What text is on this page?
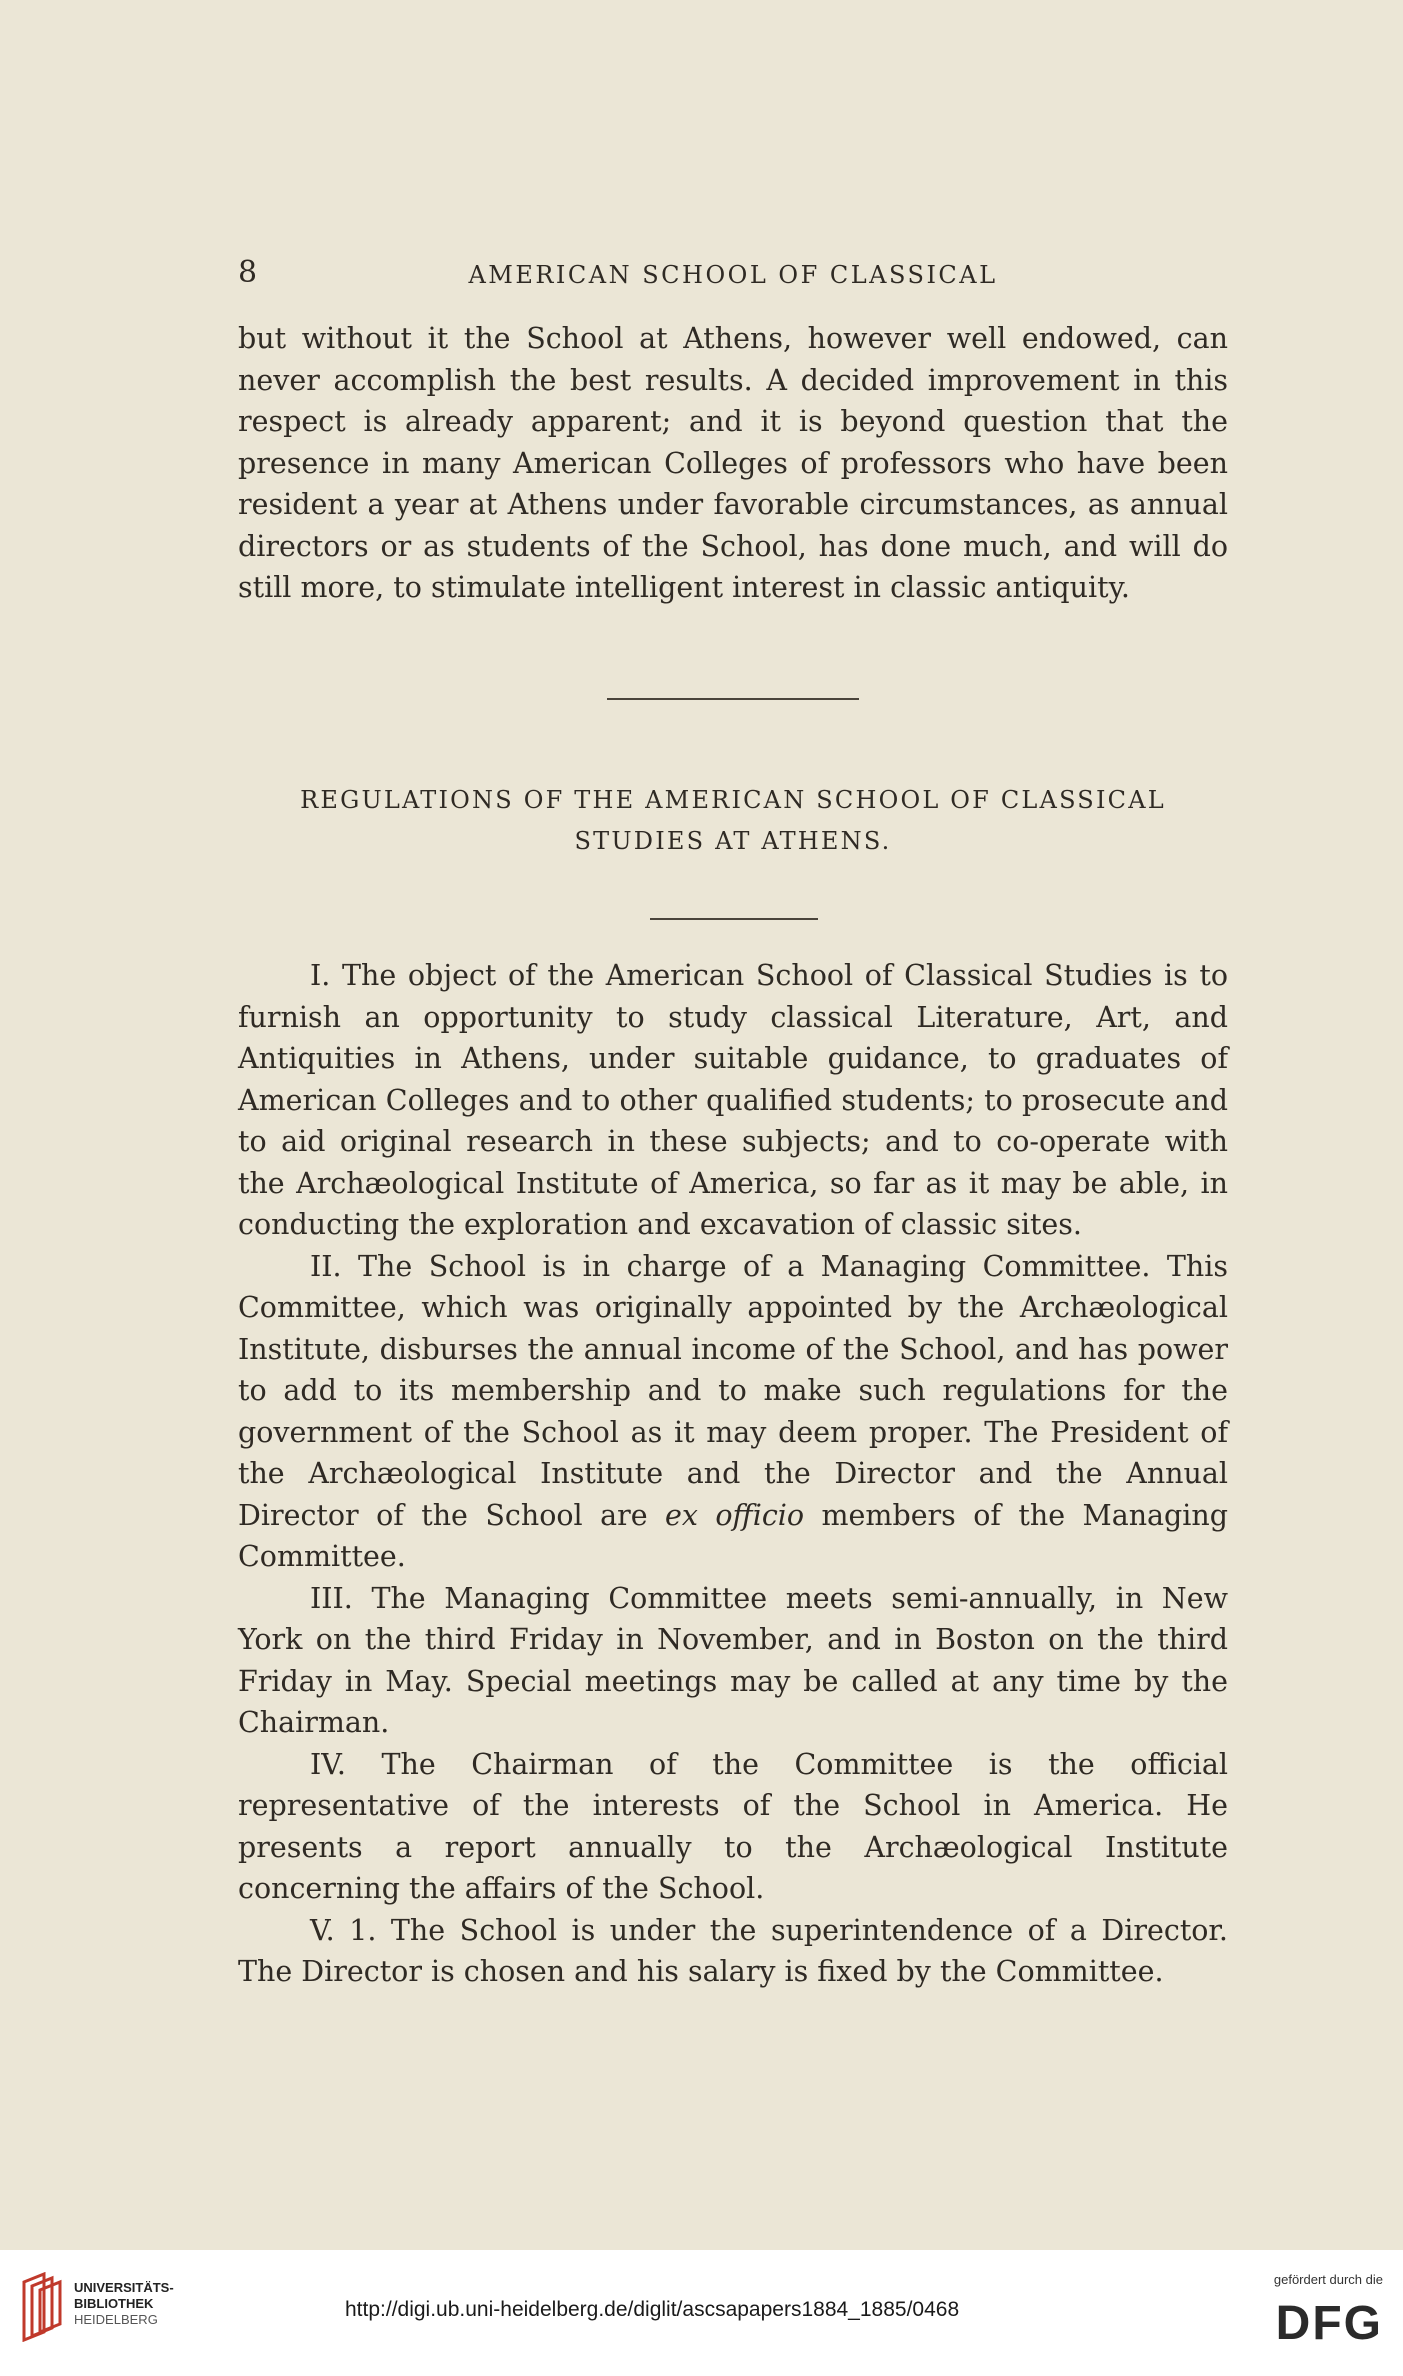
8	AMERICAN SCHOOL OF CLASSICAL
but without it the School at Athens, however well endowed, can never accomplish the best results. A decided improvement in this respect is already apparent; and it is beyond question that the presence in many American Colleges of professors who have been resident a year at Athens under favorable circumstances, as annual directors or as students of the School, has done much, and will do still more, to stimulate intelligent interest in classic antiquity.
REGULATIONS OF THE AMERICAN SCHOOL OF CLASSICAL
STUDIES AT ATHENS.

I. The object of the American School of Classical Studies is to furnish an opportunity to study classical Literature, Art, and Antiquities in Athens, under suitable guidance, to graduates of American Colleges and to other qualified students; to prosecute and to aid original research in these subjects; and to co-operate with the Archæological Institute of America, so far as it may be able, in conducting the exploration and excavation of classic sites.

II. The School is in charge of a Managing Committee. This Committee, which was originally appointed by the Archæological Institute, disburses the annual income of the School, and has power to add to its membership and to make such regulations for the government of the School as it may deem proper. The President of the Archæological Institute and the Director and the Annual Director of the School are ex officio members of the Managing Committee.

III. The Managing Committee meets semi-annually, in New York on the third Friday in November, and in Boston on the third Friday in May. Special meetings may be called at any time by the Chairman.

IV. The Chairman of the Committee is the official representative of the interests of the School in America. He presents a report annually to the Archæological Institute concerning the affairs of the School.

V. 1. The School is under the superintendence of a Director. The Director is chosen and his salary is fixed by the Committee.

UNIVERSITÄTS-
BIBLIOTHEK
HEIDELBERG	http://digi.ub.uni-heidelberg.de/diglit/ascsapapers1884_1885/0468
gefördert durch die
DFG
